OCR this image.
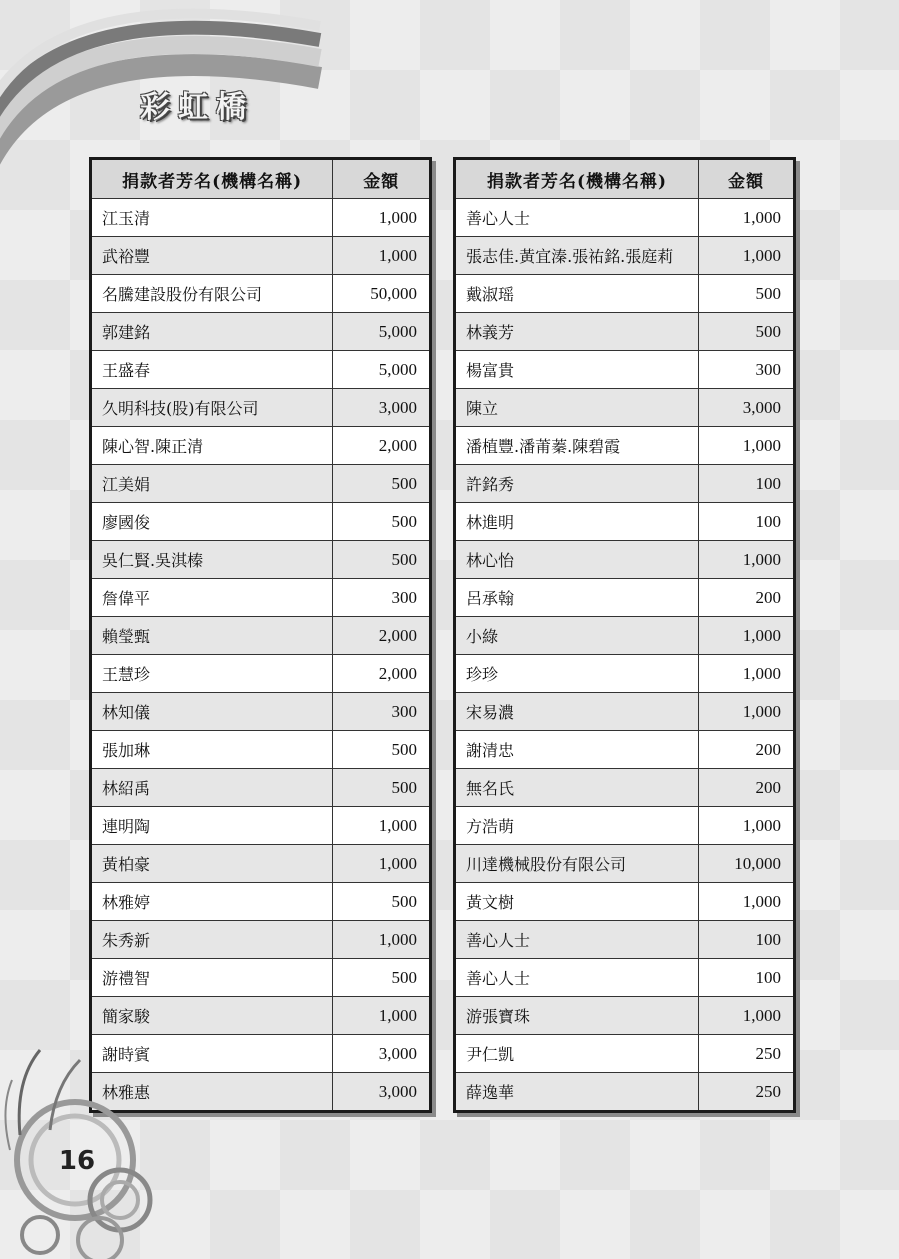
彩虹橋
捐款者芳名(機構名稱)	金額
江玉清	1,000
武裕豐	1,000
名騰建設股份有限公司	50,000
郭建銘	5,000
王盛春	5,000
久明科技(股)有限公司	3,000
陳心智.陳正清	2,000
江美娟	500
廖國俊	500
吳仁賢.吳淇榛	500
詹偉平	300
賴瑩甄	2,000
王慧珍	2,000
林知儀	300
張加琳	500
林紹禹	500
連明陶	1,000
黃柏豪	1,000
林雅婷	500
朱秀新	1,000
游禮智	500
簡家駿	1,000
謝時賓	3,000
林雅惠	3,000
捐款者芳名(機構名稱)	金額
善心人士	1,000
張志佳.黃宜溱.張祐銘.張庭莉	1,000
戴淑瑶	500
林義芳	500
楊富貴	300
陳立	3,000
潘植豐.潘莆蓁.陳碧霞	1,000
許銘秀	100
林進明	100
林心怡	1,000
呂承翰	200
小綠	1,000
珍珍	1,000
宋易濃	1,000
謝清忠	200
無名氏	200
方浩萌	1,000
川達機械股份有限公司	10,000
黃文樹	1,000
善心人士	100
善心人士	100
游張寶珠	1,000
尹仁凱	250
薛逸華	250
16
